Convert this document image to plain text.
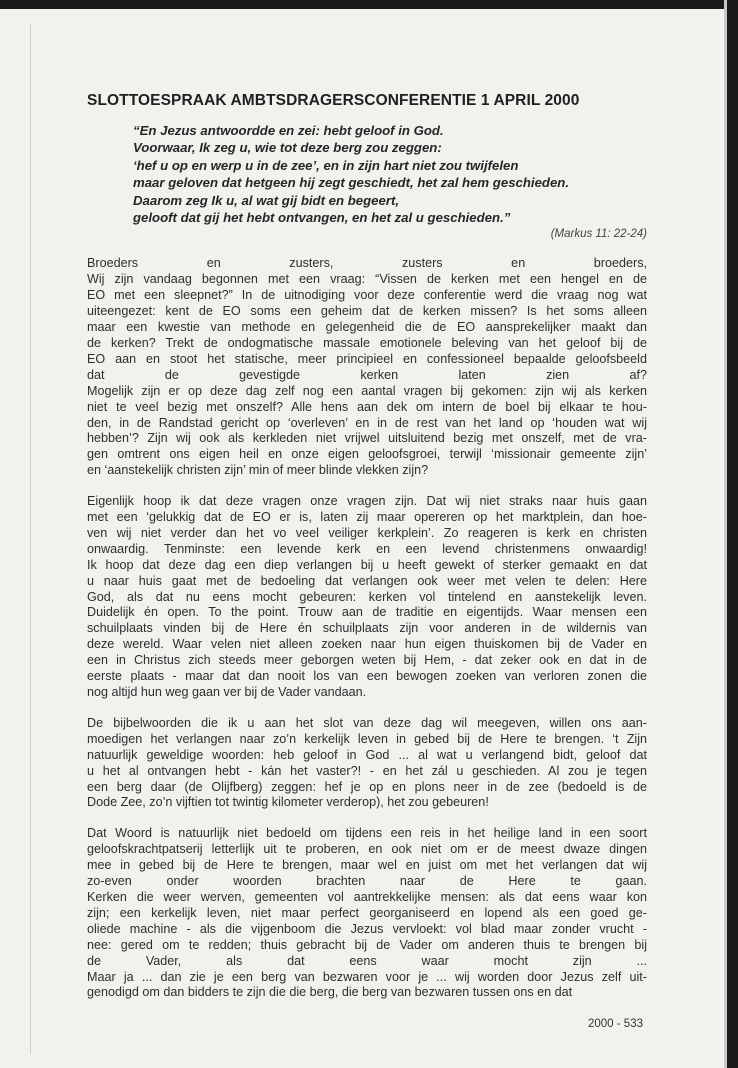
SLOTTOESPRAAK AMBTSDRAGERSCONFERENTIE 1 APRIL 2000
“En Jezus antwoordde en zei: hebt geloof in God.
Voorwaar, Ik zeg u, wie tot deze berg zou zeggen:
‘hef u op en werp u in de zee’, en in zijn hart niet zou twijfelen
maar geloven dat hetgeen hij zegt geschiedt, het zal hem geschieden.
Daarom zeg Ik u, al wat gij bidt en begeert,
gelooft dat gij het hebt ontvangen, en het zal u geschieden.”
(Markus 11: 22-24)
Broeders en zusters, zusters en broeders,
Wij zijn vandaag begonnen met een vraag: “Vissen de kerken met een hengel en de
EO met een sleepnet?” In de uitnodiging voor deze conferentie werd die vraag nog wat
uiteengezet: kent de EO soms een geheim dat de kerken missen? Is het soms alleen
maar een kwestie van methode en gelegenheid die de EO aansprekelijker maakt dan
de kerken? Trekt de ondogmatische massale emotionele beleving van het geloof bij de
EO aan en stoot het statische, meer principieel en confessioneel bepaalde geloofsbeeld
dat de gevestigde kerken laten zien af?
Mogelijk zijn er op deze dag zelf nog een aantal vragen bij gekomen: zijn wij als kerken
niet te veel bezig met onszelf? Alle hens aan dek om intern de boel bij elkaar te hou-
den, in de Randstad gericht op ‘overleven’ en in de rest van het land op ‘houden wat wij
hebben’? Zijn wij ook als kerkleden niet vrijwel uitsluitend bezig met onszelf, met de vra-
gen omtrent ons eigen heil en onze eigen geloofsgroei, terwijl ‘missionair gemeente zijn’
en ‘aanstekelijk christen zijn’ min of meer blinde vlekken zijn?
Eigenlijk hoop ik dat deze vragen onze vragen zijn. Dat wij niet straks naar huis gaan
met een ‘gelukkig dat de EO er is, laten zij maar opereren op het marktplein, dan hoe-
ven wij niet verder dan het vo veel veiliger kerkplein’. Zo reageren is kerk en christen
onwaardig. Tenminste: een levende kerk en een levend christenmens onwaardig!
Ik hoop dat deze dag een diep verlangen bij u heeft gewekt of sterker gemaakt en dat
u naar huis gaat met de bedoeling dat verlangen ook weer met velen te delen: Here
God, als dat nu eens mocht gebeuren: kerken vol tintelend en aanstekelijk leven.
Duidelijk én open. To the point. Trouw aan de traditie en eigentijds. Waar mensen een
schuilplaats vinden bij de Here én schuilplaats zijn voor anderen in de wildernis van
deze wereld. Waar velen niet alleen zoeken naar hun eigen thuiskomen bij de Vader en
een in Christus zich steeds meer geborgen weten bij Hem, - dat zeker ook en dat in de
eerste plaats - maar dat dan nooit los van een bewogen zoeken van verloren zonen die
nog altijd hun weg gaan ver bij de Vader vandaan.
De bijbelwoorden die ik u aan het slot van deze dag wil meegeven, willen ons aan-
moedigen het verlangen naar zo’n kerkelijk leven in gebed bij de Here te brengen. ‘t Zijn
natuurlijk geweldige woorden: heb geloof in God ... al wat u verlangend bidt, geloof dat
u het al ontvangen hebt - kán het vaster?! - en het zál u geschieden. Al zou je tegen
een berg daar (de Olijfberg) zeggen: hef je op en plons neer in de zee (bedoeld is de
Dode Zee, zo’n vijftien tot twintig kilometer verderop), het zou gebeuren!
Dat Woord is natuurlijk niet bedoeld om tijdens een reis in het heilige land in een soort
geloofskrachtpatserij letterlijk uit te proberen, en ook niet om er de meest dwaze dingen
mee in gebed bij de Here te brengen, maar wel en juist om met het verlangen dat wij
zo-even onder woorden brachten naar de Here te gaan.
Kerken die weer werven, gemeenten vol aantrekkelijke mensen: als dat eens waar kon
zijn; een kerkelijk leven, niet maar perfect georganiseerd en lopend als een goed ge-
oliede machine - als die vijgenboom die Jezus vervloekt: vol blad maar zonder vrucht -
nee: gered om te redden; thuis gebracht bij de Vader om anderen thuis te brengen bij
de Vader, als dat eens waar mocht zijn ...
Maar ja ... dan zie je een berg van bezwaren voor je ... wij worden door Jezus zelf uit-
genodigd om dan bidders te zijn die die berg, die berg van bezwaren tussen ons en dat
2000 - 533
